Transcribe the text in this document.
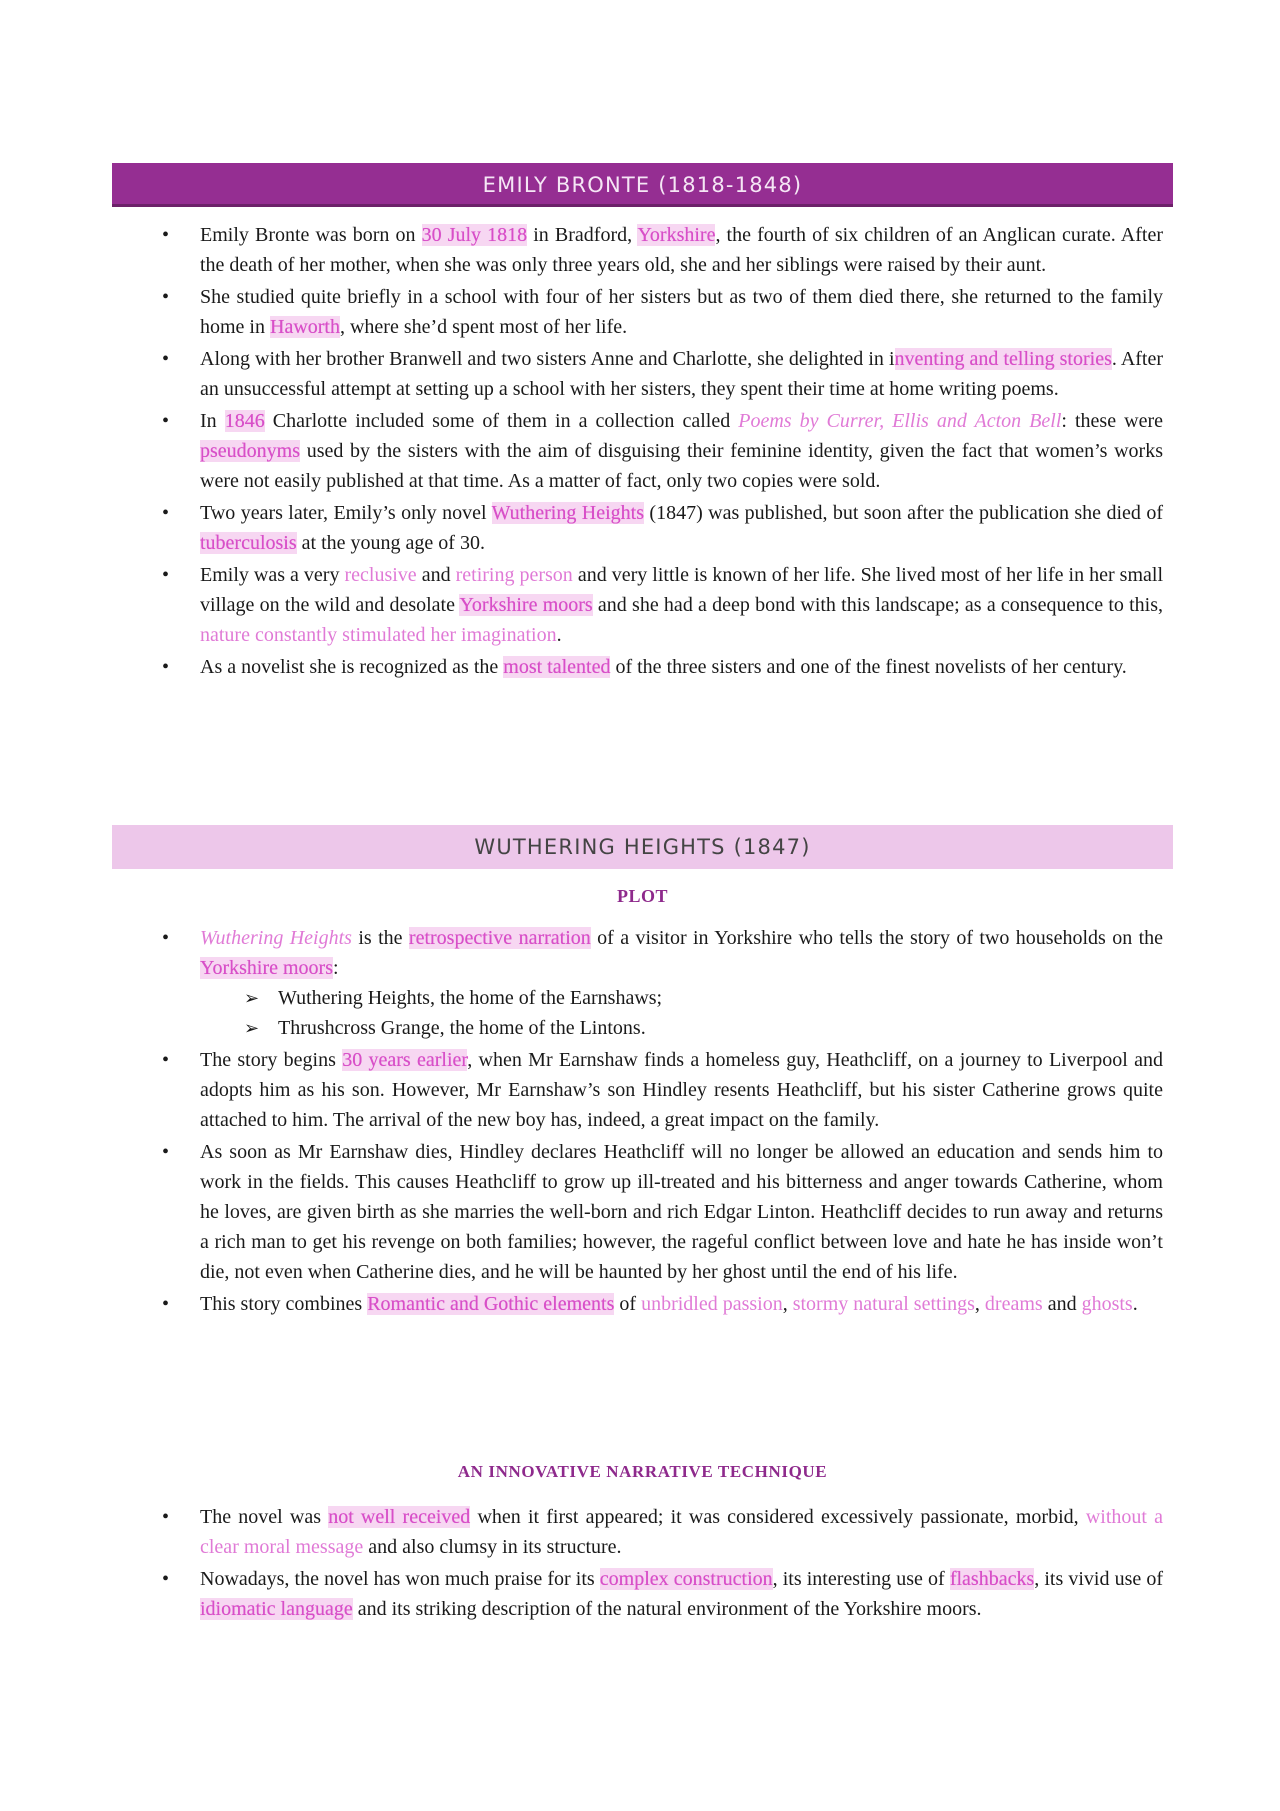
EMILY BRONTE (1818-1848)
• Emily Bronte was born on 30 July 1818 in Bradford, Yorkshire, the fourth of six children of an Anglican curate. After the death of her mother, when she was only three years old, she and her siblings were raised by their aunt.
• She studied quite briefly in a school with four of her sisters but as two of them died there, she returned to the family home in Haworth, where she’d spent most of her life.
• Along with her brother Branwell and two sisters Anne and Charlotte, she delighted in inventing and telling stories. After an unsuccessful attempt at setting up a school with her sisters, they spent their time at home writing poems.
• In 1846 Charlotte included some of them in a collection called Poems by Currer, Ellis and Acton Bell: these were pseudonyms used by the sisters with the aim of disguising their feminine identity, given the fact that women’s works were not easily published at that time. As a matter of fact, only two copies were sold.
• Two years later, Emily’s only novel Wuthering Heights (1847) was published, but soon after the publication she died of tuberculosis at the young age of 30.
• Emily was a very reclusive and retiring person and very little is known of her life. She lived most of her life in her small village on the wild and desolate Yorkshire moors and she had a deep bond with this landscape; as a consequence to this, nature constantly stimulated her imagination.
• As a novelist she is recognized as the most talented of the three sisters and one of the finest novelists of her century.
WUTHERING HEIGHTS (1847)
PLOT
• Wuthering Heights is the retrospective narration of a visitor in Yorkshire who tells the story of two households on the Yorkshire moors:
➢ Wuthering Heights, the home of the Earnshaws;
➢ Thrushcross Grange, the home of the Lintons.
• The story begins 30 years earlier, when Mr Earnshaw finds a homeless guy, Heathcliff, on a journey to Liverpool and adopts him as his son. However, Mr Earnshaw’s son Hindley resents Heathcliff, but his sister Catherine grows quite attached to him. The arrival of the new boy has, indeed, a great impact on the family.
• As soon as Mr Earnshaw dies, Hindley declares Heathcliff will no longer be allowed an education and sends him to work in the fields. This causes Heathcliff to grow up ill-treated and his bitterness and anger towards Catherine, whom he loves, are given birth as she marries the well-born and rich Edgar Linton. Heathcliff decides to run away and returns a rich man to get his revenge on both families; however, the rageful conflict between love and hate he has inside won’t die, not even when Catherine dies, and he will be haunted by her ghost until the end of his life.
• This story combines Romantic and Gothic elements of unbridled passion, stormy natural settings, dreams and ghosts.
AN INNOVATIVE NARRATIVE TECHNIQUE
• The novel was not well received when it first appeared; it was considered excessively passionate, morbid, without a clear moral message and also clumsy in its structure.
• Nowadays, the novel has won much praise for its complex construction, its interesting use of flashbacks, its vivid use of idiomatic language and its striking description of the natural environment of the Yorkshire moors.
